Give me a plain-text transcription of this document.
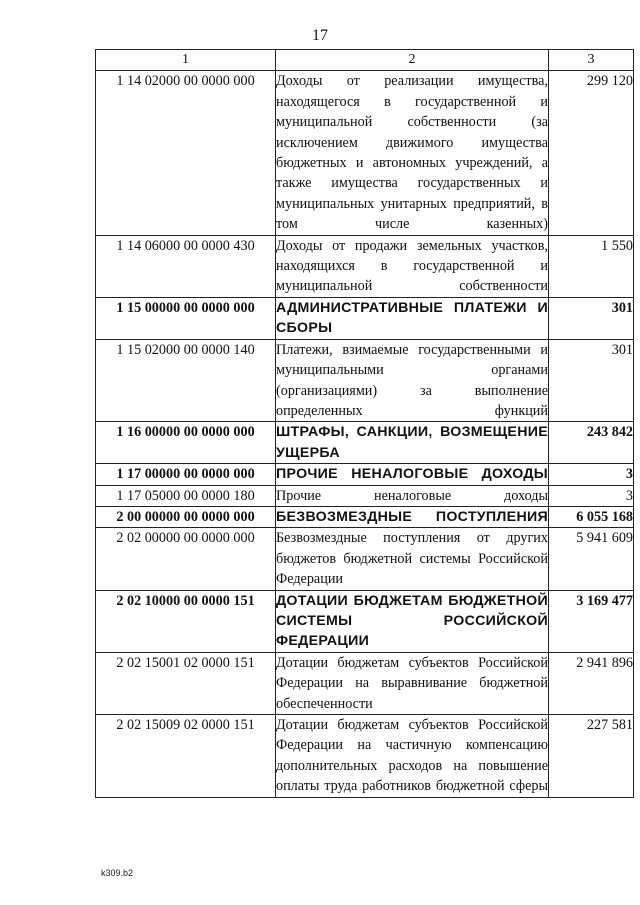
17
1	2	3
1 14 02000 00 0000 000	Доходы от реализации имущества, находящегося в государственной и муниципальной собственности (за исключением движимого имущества бюджетных и автономных учреждений, а также имущества государственных и муниципальных унитарных предприятий, в том числе казенных)	299 120
1 14 06000 00 0000 430	Доходы от продажи земельных участков, находящихся в государственной и муниципальной собственности	1 550
1 15 00000 00 0000 000	АДМИНИСТРАТИВНЫЕ ПЛАТЕЖИ И СБОРЫ	301
1 15 02000 00 0000 140	Платежи, взимаемые государственными и муниципальными органами (организациями) за выполнение определенных функций	301
1 16 00000 00 0000 000	ШТРАФЫ, САНКЦИИ, ВОЗМЕЩЕНИЕ УЩЕРБА	243 842
1 17 00000 00 0000 000	ПРОЧИЕ НЕНАЛОГОВЫЕ ДОХОДЫ	3
1 17 05000 00 0000 180	Прочие неналоговые доходы	3
2 00 00000 00 0000 000	БЕЗВОЗМЕЗДНЫЕ ПОСТУПЛЕНИЯ	6 055 168
2 02 00000 00 0000 000	Безвозмездные поступления от других бюджетов бюджетной системы Российской Федерации	5 941 609
2 02 10000 00 0000 151	ДОТАЦИИ БЮДЖЕТАМ БЮДЖЕТНОЙ СИСТЕМЫ РОССИЙСКОЙ ФЕДЕРАЦИИ	3 169 477
2 02 15001 02 0000 151	Дотации бюджетам субъектов Российской Федерации на выравнивание бюджетной обеспеченности	2 941 896
2 02 15009 02 0000 151	Дотации бюджетам субъектов Российской Федерации на частичную компенсацию дополнительных расходов на повышение оплаты труда работников бюджетной сферы	227 581
k309.b2
